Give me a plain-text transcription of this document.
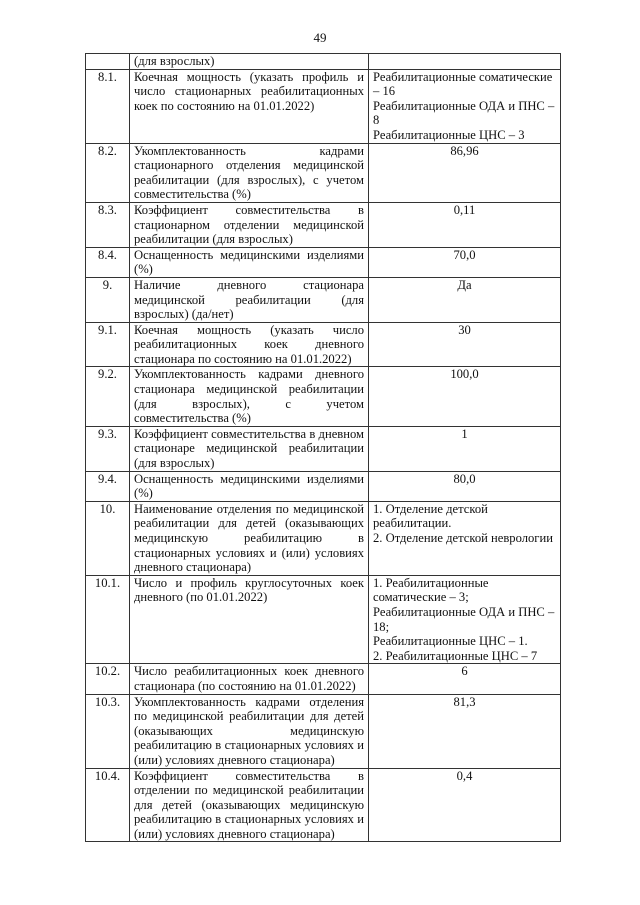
49
	(для взрослых)	

8.1.	Коечная мощность (указать профиль и число стационарных реабилитационных коек по состоянию на 01.01.2022)	Реабилитационные соматические – 16
Реабилитационные ОДА и ПНС – 8
Реабилитационные ЦНС – 3

8.2.	Укомплектованность кадрами стационарного отделения медицинской реабилитации (для взрослых), с учетом совместительства (%)	86,96

8.3.	Коэффициент совместительства в стационарном отделении медицинской реабилитации (для взрослых)	0,11

8.4.	Оснащенность медицинскими изделиями (%)	70,0

9.	Наличие дневного стационара медицинской реабилитации (для взрослых) (да/нет)	Да

9.1.	Коечная мощность (указать число реабилитационных коек дневного стационара по состоянию на 01.01.2022)	30

9.2.	Укомплектованность кадрами дневного стационара медицинской реабилитации (для взрослых), с учетом совместительства (%)	100,0

9.3.	Коэффициент совместительства в дневном стационаре медицинской реабилитации (для взрослых)	1

9.4.	Оснащенность медицинскими изделиями (%)	80,0

10.	Наименование отделения по медицинской реабилитации для детей (оказывающих медицинскую реабилитацию в стационарных условиях и (или) условиях дневного стационара)	1. Отделение детской реабилитации.
2. Отделение детской неврологии

10.1.	Число и профиль круглосуточных коек дневного (по 01.01.2022)	1. Реабилитационные соматические – 3;
Реабилитационные ОДА и ПНС – 18;
Реабилитационные ЦНС – 1.
2. Реабилитационные ЦНС – 7

10.2.	Число реабилитационных коек дневного стационара (по состоянию на 01.01.2022)	6

10.3.	Укомплектованность кадрами отделения по медицинской реабилитации для детей (оказывающих медицинскую реабилитацию в стационарных условиях и (или) условиях дневного стационара)	81,3

10.4.	Коэффициент совместительства в отделении по медицинской реабилитации для детей (оказывающих медицинскую реабилитацию в стационарных условиях и (или) условиях дневного стационара)	0,4
